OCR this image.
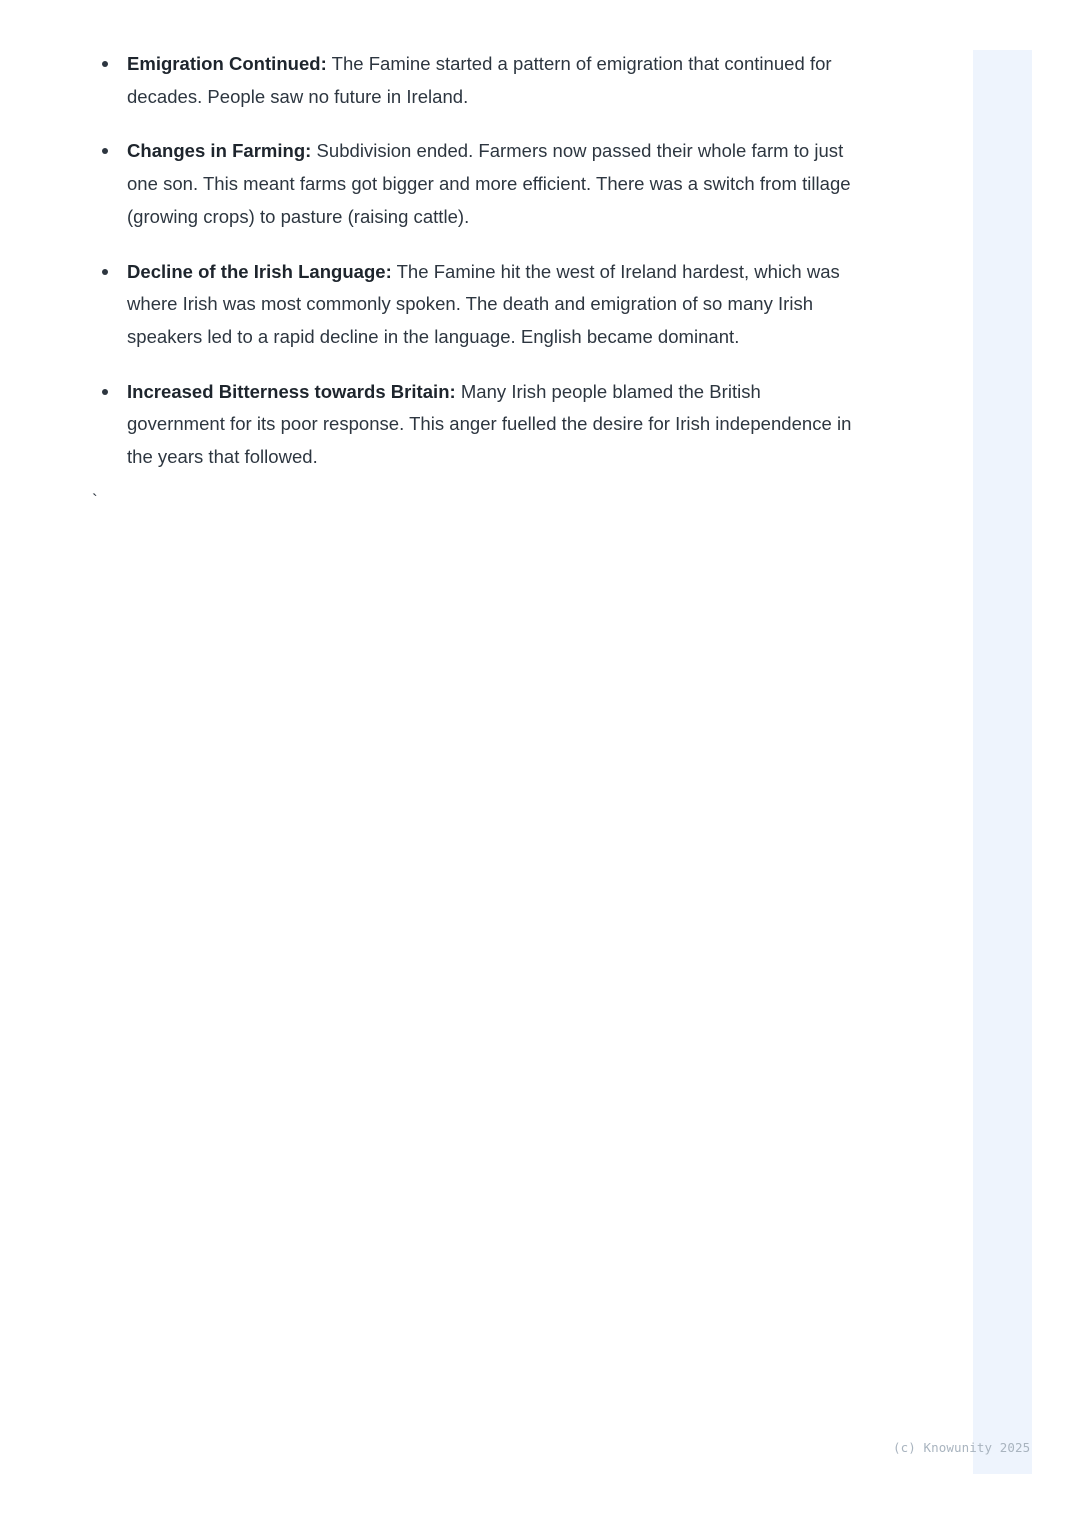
Emigration Continued: The Famine started a pattern of emigration that continued for decades. People saw no future in Ireland.
Changes in Farming: Subdivision ended. Farmers now passed their whole farm to just one son. This meant farms got bigger and more efficient. There was a switch from tillage (growing crops) to pasture (raising cattle).
Decline of the Irish Language: The Famine hit the west of Ireland hardest, which was where Irish was most commonly spoken. The death and emigration of so many Irish speakers led to a rapid decline in the language. English became dominant.
Increased Bitterness towards Britain: Many Irish people blamed the British government for its poor response. This anger fuelled the desire for Irish independence in the years that followed.
`
(c) Knowunity 2025
